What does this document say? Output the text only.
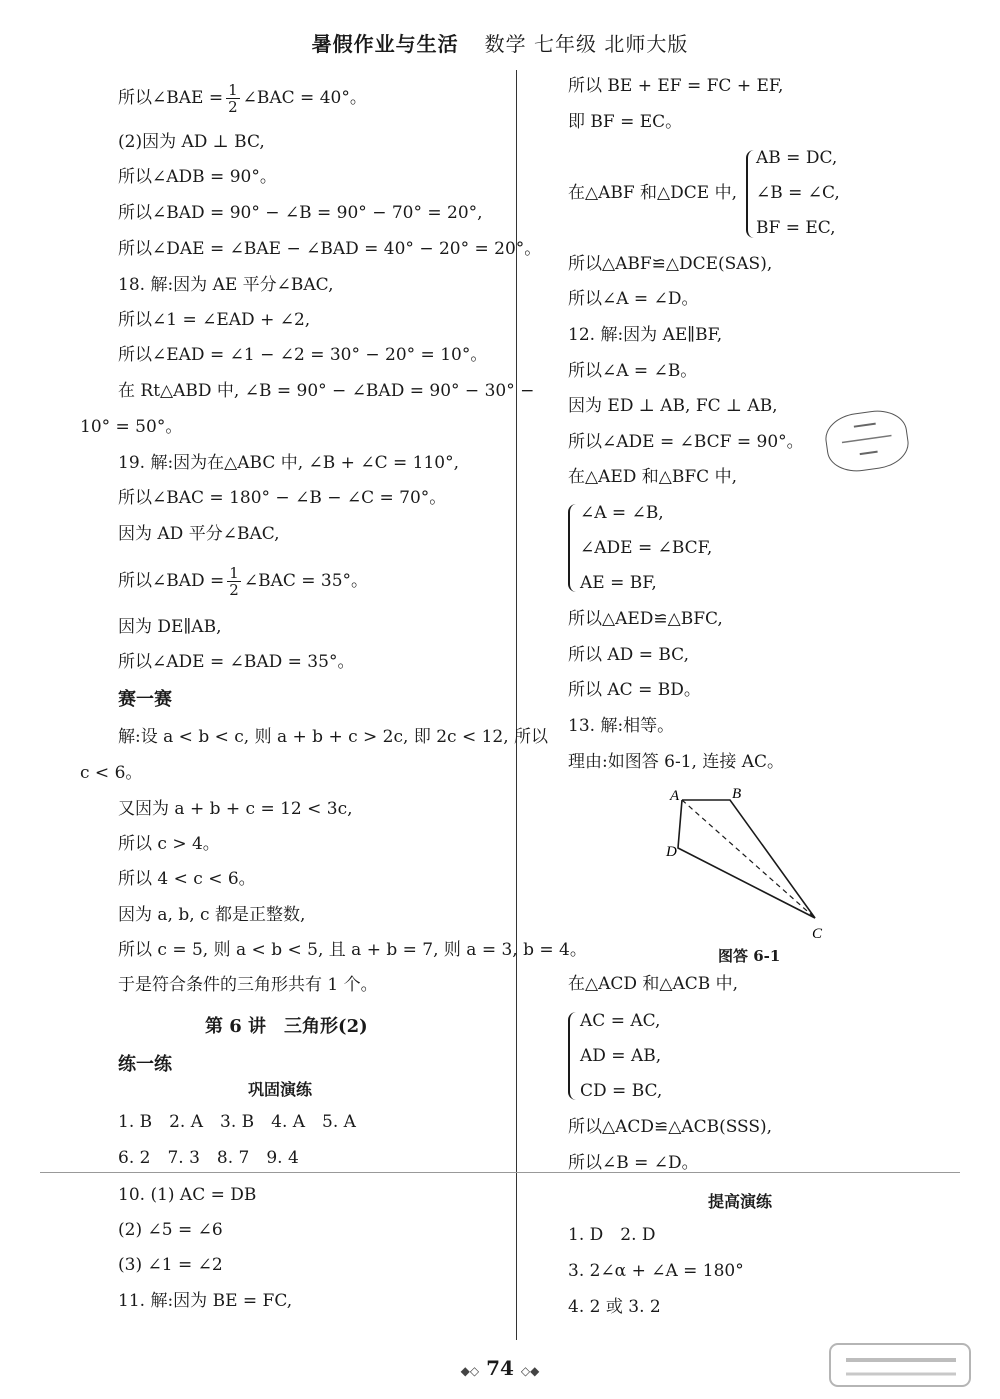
暑假作业与生活 数学 七年级 北师大版
所以∠BAE = $\frac{1}{2}$ ∠BAC = 40°。
(2)因为 AD ⊥ BC,
所以∠ADB = 90°。
所以∠BAD = 90° − ∠B = 90° − 70° = 20°,
所以∠DAE = ∠BAE − ∠BAD = 40° − 20° = 20°。
18. 解:因为 AE 平分∠BAC,
所以∠1 = ∠EAD + ∠2,
所以∠EAD = ∠1 − ∠2 = 30° − 20° = 10°。
在 Rt△ABD 中, ∠B = 90° − ∠BAD = 90° − 30° −
10° = 50°。
19. 解:因为在△ABC 中, ∠B + ∠C = 110°,
所以∠BAC = 180° − ∠B − ∠C = 70°。
因为 AD 平分∠BAC,
所以∠BAD = $\frac{1}{2}$ ∠BAC = 35°。
因为 DE∥AB,
所以∠ADE = ∠BAD = 35°。
赛一赛
解:设 a < b < c, 则 a + b + c > 2c, 即 2c < 12, 所以
c < 6。
又因为 a + b + c = 12 < 3c,
所以 c > 4。
所以 4 < c < 6。
因为 a, b, c 都是正整数,
所以 c = 5, 则 a < b < 5, 且 a + b = 7, 则 a = 3, b = 4。
于是符合条件的三角形共有 1 个。
第 6 讲　三角形(2)
练一练
巩固演练
1. B　2. A　3. B　4. A　5. A
6. 2　7. 3　8. 7　9. 4
10. (1) AC = DB
(2) ∠5 = ∠6
(3) ∠1 = ∠2
11. 解:因为 BE = FC,
所以 BE + EF = FC + EF,
即 BF = EC。
在△ABF 和△DCE 中,
AB = DC,
∠B = ∠C,
BF = EC,
所以△ABF≌△DCE(SAS),
所以∠A = ∠D。
12. 解:因为 AE∥BF,
所以∠A = ∠B。
因为 ED ⊥ AB, FC ⊥ AB,
所以∠ADE = ∠BCF = 90°。
在△AED 和△BFC 中,
∠A = ∠B,
∠ADE = ∠BCF,
AE = BF,
所以△AED≌△BFC,
所以 AD = BC,
所以 AC = BD。
13. 解:相等。
理由:如图答 6-1, 连接 AC。
A	B
C
D
图答 6-1
在△ACD 和△ACB 中,
AC = AC,
AD = AB,
CD = BC,
所以△ACD≌△ACB(SSS),
所以∠B = ∠D。
提高演练
1. D　2. D
3. 2∠α + ∠A = 180°
4. 2 或 3. 2
◆◇ 74 ◇◆
